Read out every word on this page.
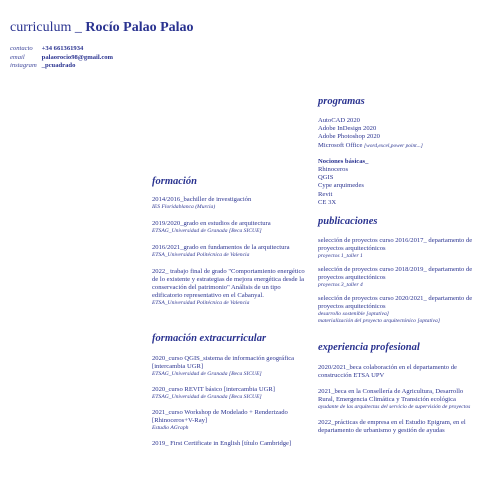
curriculum _ Rocío Palao Palao
contacto +34 661361934
email	palaorocio98@gmail.com
instagram _pcuadrado
formación

2014/2016_bachiller de investigación

IES Floridablanca (Murcia)

2019/2020_grado en estudios de arquitectura

ETSAG_Universidad de Granada [Beca SICUE]

2016/2021_grado en fundamentos de la arquitectura

ETSA_Universidad Politécnica de Valencia

2022_ trabajo final de grado "Comportamiento energético de lo existente y estrategias de mejora energética desde la conservación del patrimonio" Análisis de un tipo edificatorio representativo en el Cabanyal.

ETSA_Universidad Politécnica de Valencia

formación extracurricular

2020_curso QGIS_sistema de información geográfica [intercambia UGR]

ETSAG_Universidad de Granada [Beca SICUE]

2020_curso REVIT básico [intercambia UGR]

ETSAG_Universidad de Granada [Beca SICUE]

2021_curso Workshop de Modelado + Renderizado [Rhinoceros+V-Ray]

Estudio AGraph

2019_ First Certificate in English [título Cambridge]

programas
AutoCAD 2020
Adobe InDesign 2020
Adobe Photoshop 2020
Microsoft Office [word,excel,power point...]
Nociones básicas_
Rhinoceros
QGIS
Cype arquimedes
Revit
CE 3X
publicaciones

selección de proyectos curso 2016/2017_ departamento de proyectos arquitectónicos

proyectos 1_taller 1

selección de proyectos curso 2018/2019_ departamento de proyectos arquitectónicos

proyectos 3_taller 4

selección de proyectos curso 2020/2021_ departamento de proyectos arquitectónicos

desarrollo sostenible [optativa]

materialización del proyecto arquitectónico [optativa]

experiencia profesional

2020/2021_beca colaboración en el departamento de construcción ETSA UPV

2021_beca en la Consellería de Agricultura, Desarrollo Rural, Emergencia Climática y Transición ecológica

ayudante de las arquitectas del servicio de supervisión de proyectos

2022_prácticas de empresa en el Estudio Epigram, en el departamento de urbanismo y gestión de ayudas
